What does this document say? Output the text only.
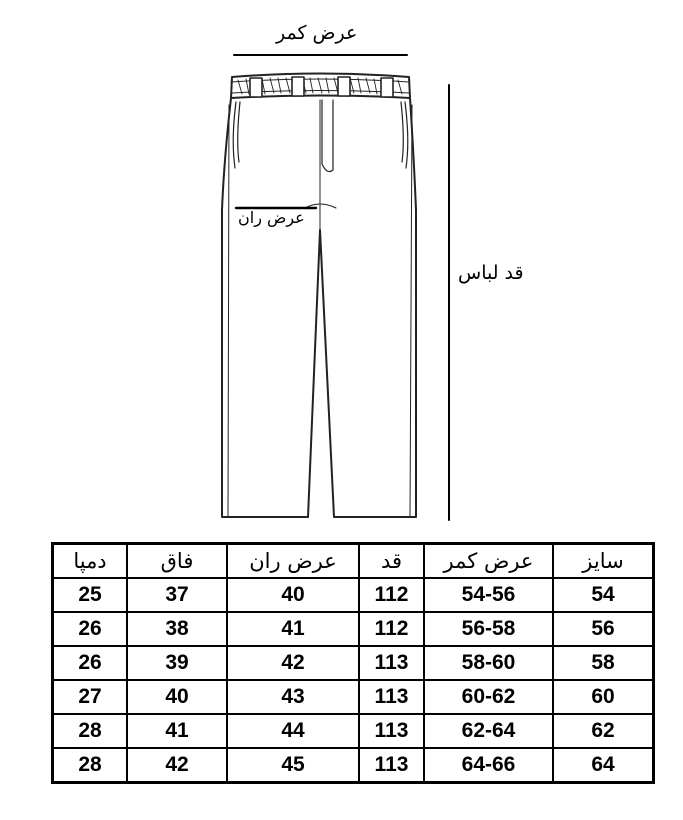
عرض کمر
قد لباس
عرض ران
سایز	عرض کمر	قد	عرض ران	فاق	دمپا
54	54-56	112	40	37	25
56	56-58	112	41	38	26
58	58-60	113	42	39	26
60	60-62	113	43	40	27
62	62-64	113	44	41	28
64	64-66	113	45	42	28
